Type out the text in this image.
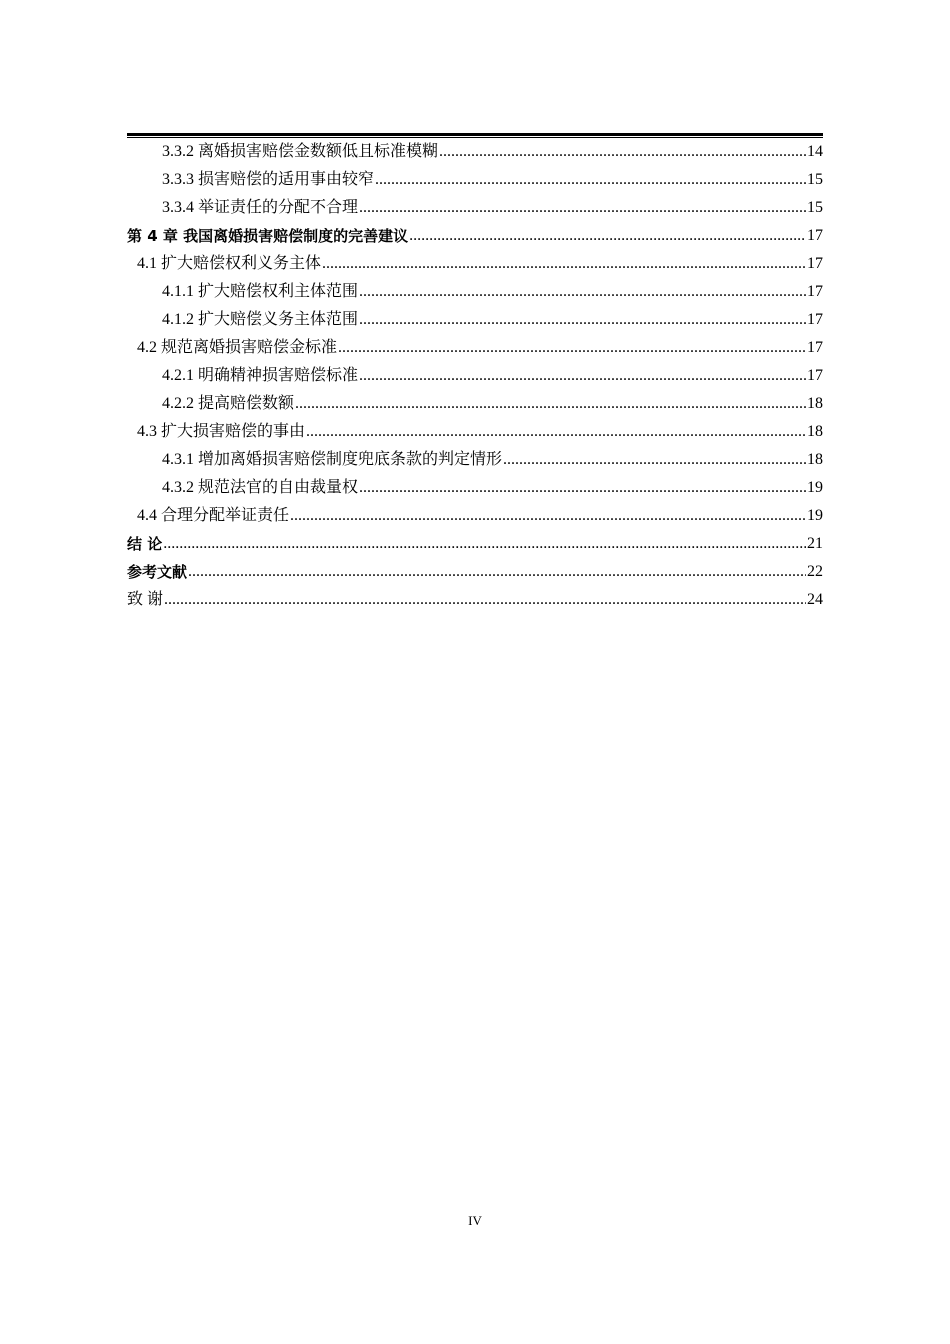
3.3.2 离婚损害赔偿金数额低且标准模糊 .....	14
3.3.3 损害赔偿的适用事由较窄 .....	15
3.3.4 举证责任的分配不合理 .....	15
第 4 章 我国离婚损害赔偿制度的完善建议 .....	17
4.1 扩大赔偿权利义务主体 .....	17
4.1.1 扩大赔偿权利主体范围 .....	17
4.1.2 扩大赔偿义务主体范围 .....	17
4.2 规范离婚损害赔偿金标准 .....	17
4.2.1 明确精神损害赔偿标准 .....	17
4.2.2 提高赔偿数额 .....	18
4.3 扩大损害赔偿的事由 .....	18
4.3.1 增加离婚损害赔偿制度兜底条款的判定情形 .....	18
4.3.2 规范法官的自由裁量权 .....	19
4.4 合理分配举证责任 .....	19
结 论 .....	21
参考文献 .....	22
致 谢 .....	24
IV
